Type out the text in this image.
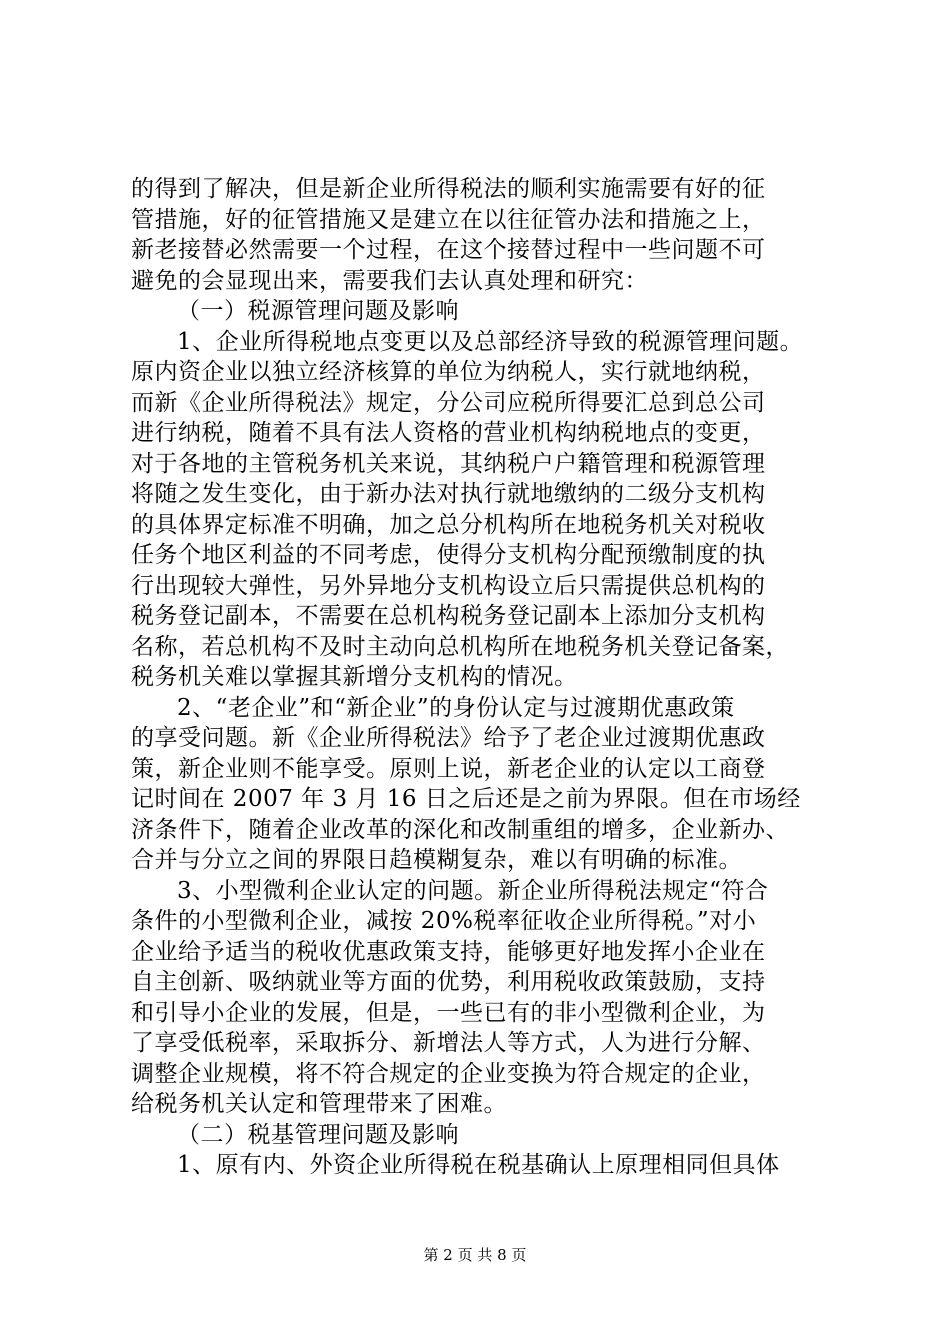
的得到了解决，但是新企业所得税法的顺利实施需要有好的征
管措施，好的征管措施又是建立在以往征管办法和措施之上，
新老接替必然需要一个过程，在这个接替过程中一些问题不可
避免的会显现出来，需要我们去认真处理和研究：
（一）税源管理问题及影响
1、企业所得税地点变更以及总部经济导致的税源管理问题。
原内资企业以独立经济核算的单位为纳税人，实行就地纳税，
而新《企业所得税法》规定，分公司应税所得要汇总到总公司
进行纳税，随着不具有法人资格的营业机构纳税地点的变更，
对于各地的主管税务机关来说，其纳税户户籍管理和税源管理
将随之发生变化，由于新办法对执行就地缴纳的二级分支机构
的具体界定标准不明确，加之总分机构所在地税务机关对税收
任务个地区利益的不同考虑，使得分支机构分配预缴制度的执
行出现较大弹性，另外异地分支机构设立后只需提供总机构的
税务登记副本，不需要在总机构税务登记副本上添加分支机构
名称，若总机构不及时主动向总机构所在地税务机关登记备案，
税务机关难以掌握其新增分支机构的情况。
2、“老企业”和“新企业”的身份认定与过渡期优惠政策
的享受问题。新《企业所得税法》给予了老企业过渡期优惠政
策，新企业则不能享受。原则上说，新老企业的认定以工商登
记时间在 2007 年 3 月 16 日之后还是之前为界限。但在市场经
济条件下，随着企业改革的深化和改制重组的增多，企业新办、
合并与分立之间的界限日趋模糊复杂，难以有明确的标准。
3、小型微利企业认定的问题。新企业所得税法规定“符合
条件的小型微利企业，减按 20%税率征收企业所得税。”对小
企业给予适当的税收优惠政策支持，能够更好地发挥小企业在
自主创新、吸纳就业等方面的优势，利用税收政策鼓励，支持
和引导小企业的发展，但是，一些已有的非小型微利企业，为
了享受低税率，采取拆分、新增法人等方式，人为进行分解、
调整企业规模，将不符合规定的企业变换为符合规定的企业，
给税务机关认定和管理带来了困难。
（二）税基管理问题及影响
1、原有内、外资企业所得税在税基确认上原理相同但具体
第 2 页 共 8 页
